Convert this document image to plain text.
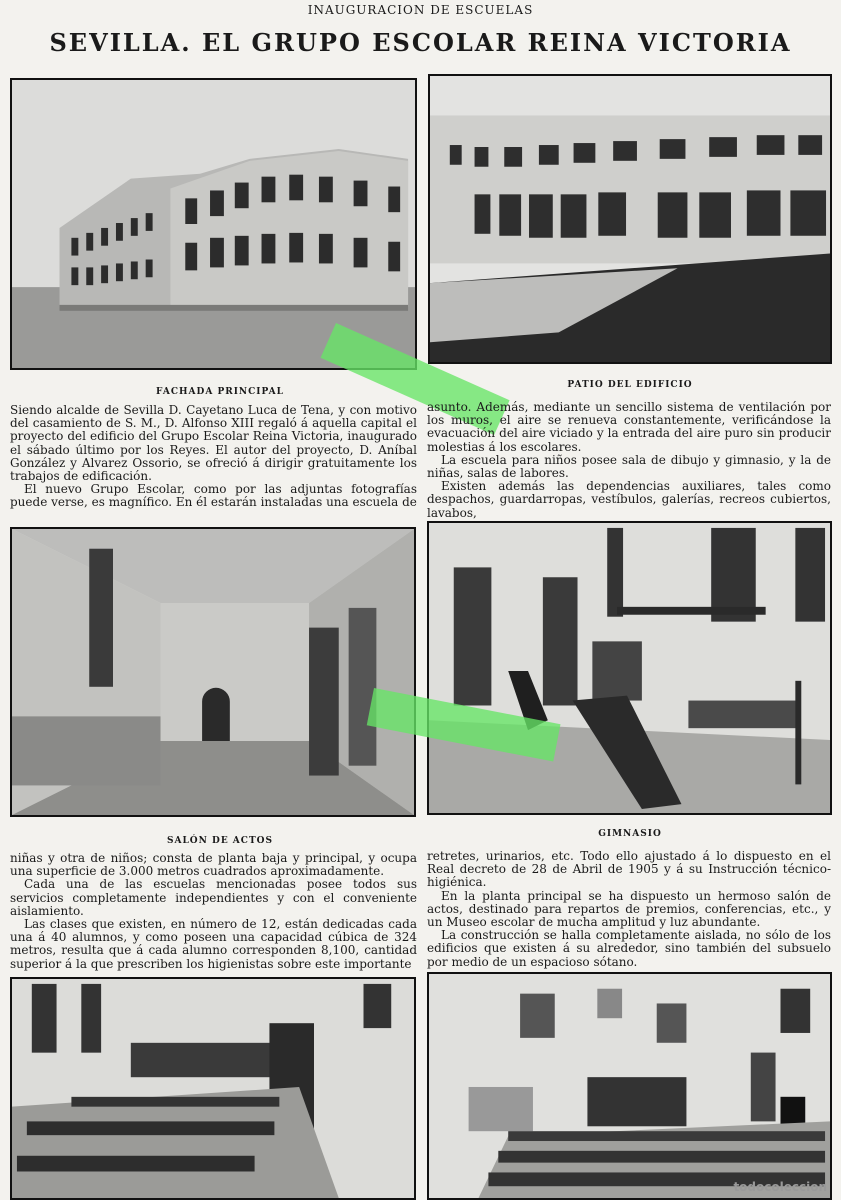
INAUGURACION DE ESCUELAS
SEVILLA. EL GRUPO ESCOLAR REINA VICTORIA
FACHADA PRINCIPAL
PATIO DEL EDIFICIO

Siendo alcalde de Sevilla D. Cayetano Luca de Tena, y con motivo del casamiento de S. M., D. Alfonso XIII regaló á aquella capital el proyecto del edificio del Grupo Escolar Reina Victoria, inaugurado el sábado último por los Reyes. El autor del proyecto, D. Aníbal González y Alvarez Ossorio, se ofreció á dirigir gratuitamente los trabajos de edificación.

El nuevo Grupo Escolar, como por las adjuntas fotografías puede verse, es magnífico. En él estarán instaladas una escuela de

asunto. Además, mediante un sencillo sistema de ventilación por los muros, el aire se renueva constantemente, verificándose la evacuación del aire viciado y la entrada del aire puro sin producir molestias á los escolares.

La escuela para niños posee sala de dibujo y gimnasio, y la de niñas, salas de labores.

Existen además las dependencias auxiliares, tales como despachos, guardarropas, vestíbulos, galerías, recreos cubiertos, lavabos,

SALÓN DE ACTOS
GIMNASIO

niñas y otra de niños; consta de planta baja y principal, y ocupa una superficie de 3.000 metros cuadrados aproximadamente.

Cada una de las escuelas mencionadas posee todos sus servicios completamente independientes y con el conveniente aislamiento.

Las clases que existen, en número de 12, están dedicadas cada una á 40 alumnos, y como poseen una capacidad cúbica de 324 metros, resulta que á cada alumno corresponden 8,100, cantidad superior á la que prescriben los higienistas sobre este importante

retretes, urinarios, etc. Todo ello ajustado á lo dispuesto en el Real decreto de 28 de Abril de 1905 y á su Instrucción técnico-higiénica.

En la planta principal se ha dispuesto un hermoso salón de actos, destinado para repartos de premios, conferencias, etc., y un Museo escolar de mucha amplitud y luz abundante.

La construcción se halla completamente aislada, no sólo de los edificios que existen á su alrededor, sino también del subsuelo por medio de un espacioso sótano.

todocoleccion
